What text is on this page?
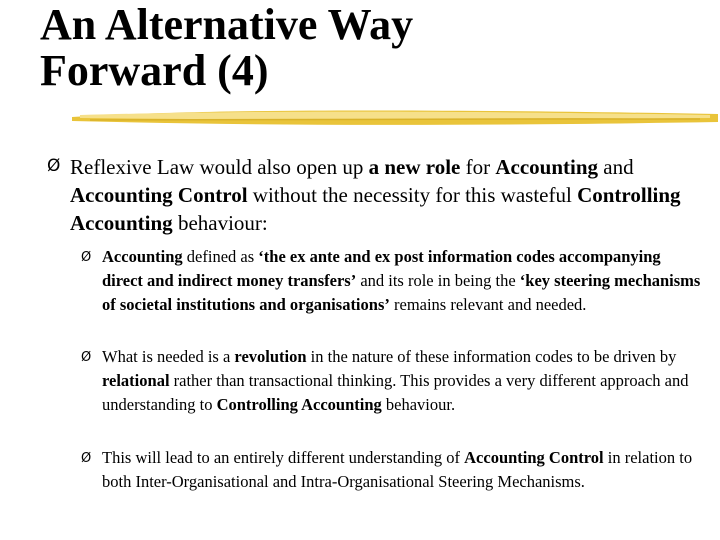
An Alternative Way
Forward (4)
Ø Reflexive Law would also open up a new role for Accounting and Accounting Control without the necessity for this wasteful Controlling Accounting behaviour:
Ø Accounting defined as ‘the ex ante and ex post information codes accompanying direct and indirect money transfers’ and its role in being the ‘key steering mechanisms of societal institutions and organisations’ remains relevant and needed.
Ø What is needed is a revolution in the nature of these information codes to be driven by relational rather than transactional thinking. This provides a very different approach and understanding to Controlling Accounting behaviour.
Ø This will lead to an entirely different understanding of Accounting Control in relation to both Inter-Organisational and Intra-Organisational Steering Mechanisms.
